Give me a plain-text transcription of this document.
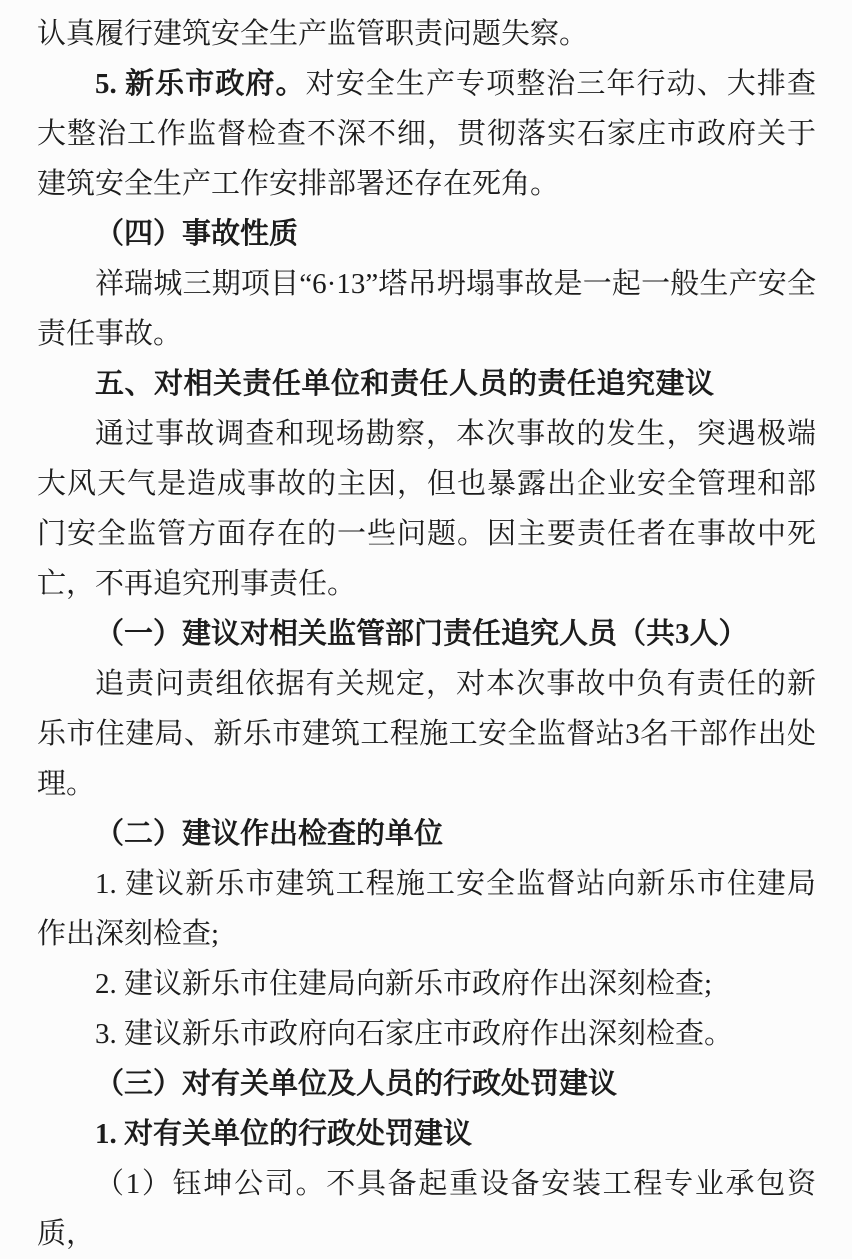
认真履行建筑安全生产监管职责问题失察。

5. 新乐市政府。对安全生产专项整治三年行动、大排查大整治工作监督检查不深不细，贯彻落实石家庄市政府关于建筑安全生产工作安排部署还存在死角。

（四）事故性质

祥瑞城三期项目“6·13”塔吊坍塌事故是一起一般生产安全责任事故。

五、对相关责任单位和责任人员的责任追究建议

通过事故调查和现场勘察，本次事故的发生，突遇极端大风天气是造成事故的主因，但也暴露出企业安全管理和部门安全监管方面存在的一些问题。因主要责任者在事故中死亡，不再追究刑事责任。

（一）建议对相关监管部门责任追究人员（共3人）

追责问责组依据有关规定，对本次事故中负有责任的新乐市住建局、新乐市建筑工程施工安全监督站3名干部作出处理。

（二）建议作出检查的单位

1. 建议新乐市建筑工程施工安全监督站向新乐市住建局作出深刻检查;

2. 建议新乐市住建局向新乐市政府作出深刻检查;

3. 建议新乐市政府向石家庄市政府作出深刻检查。

（三）对有关单位及人员的行政处罚建议

1. 对有关单位的行政处罚建议

（1）钰坤公司。不具备起重设备安装工程专业承包资质，
